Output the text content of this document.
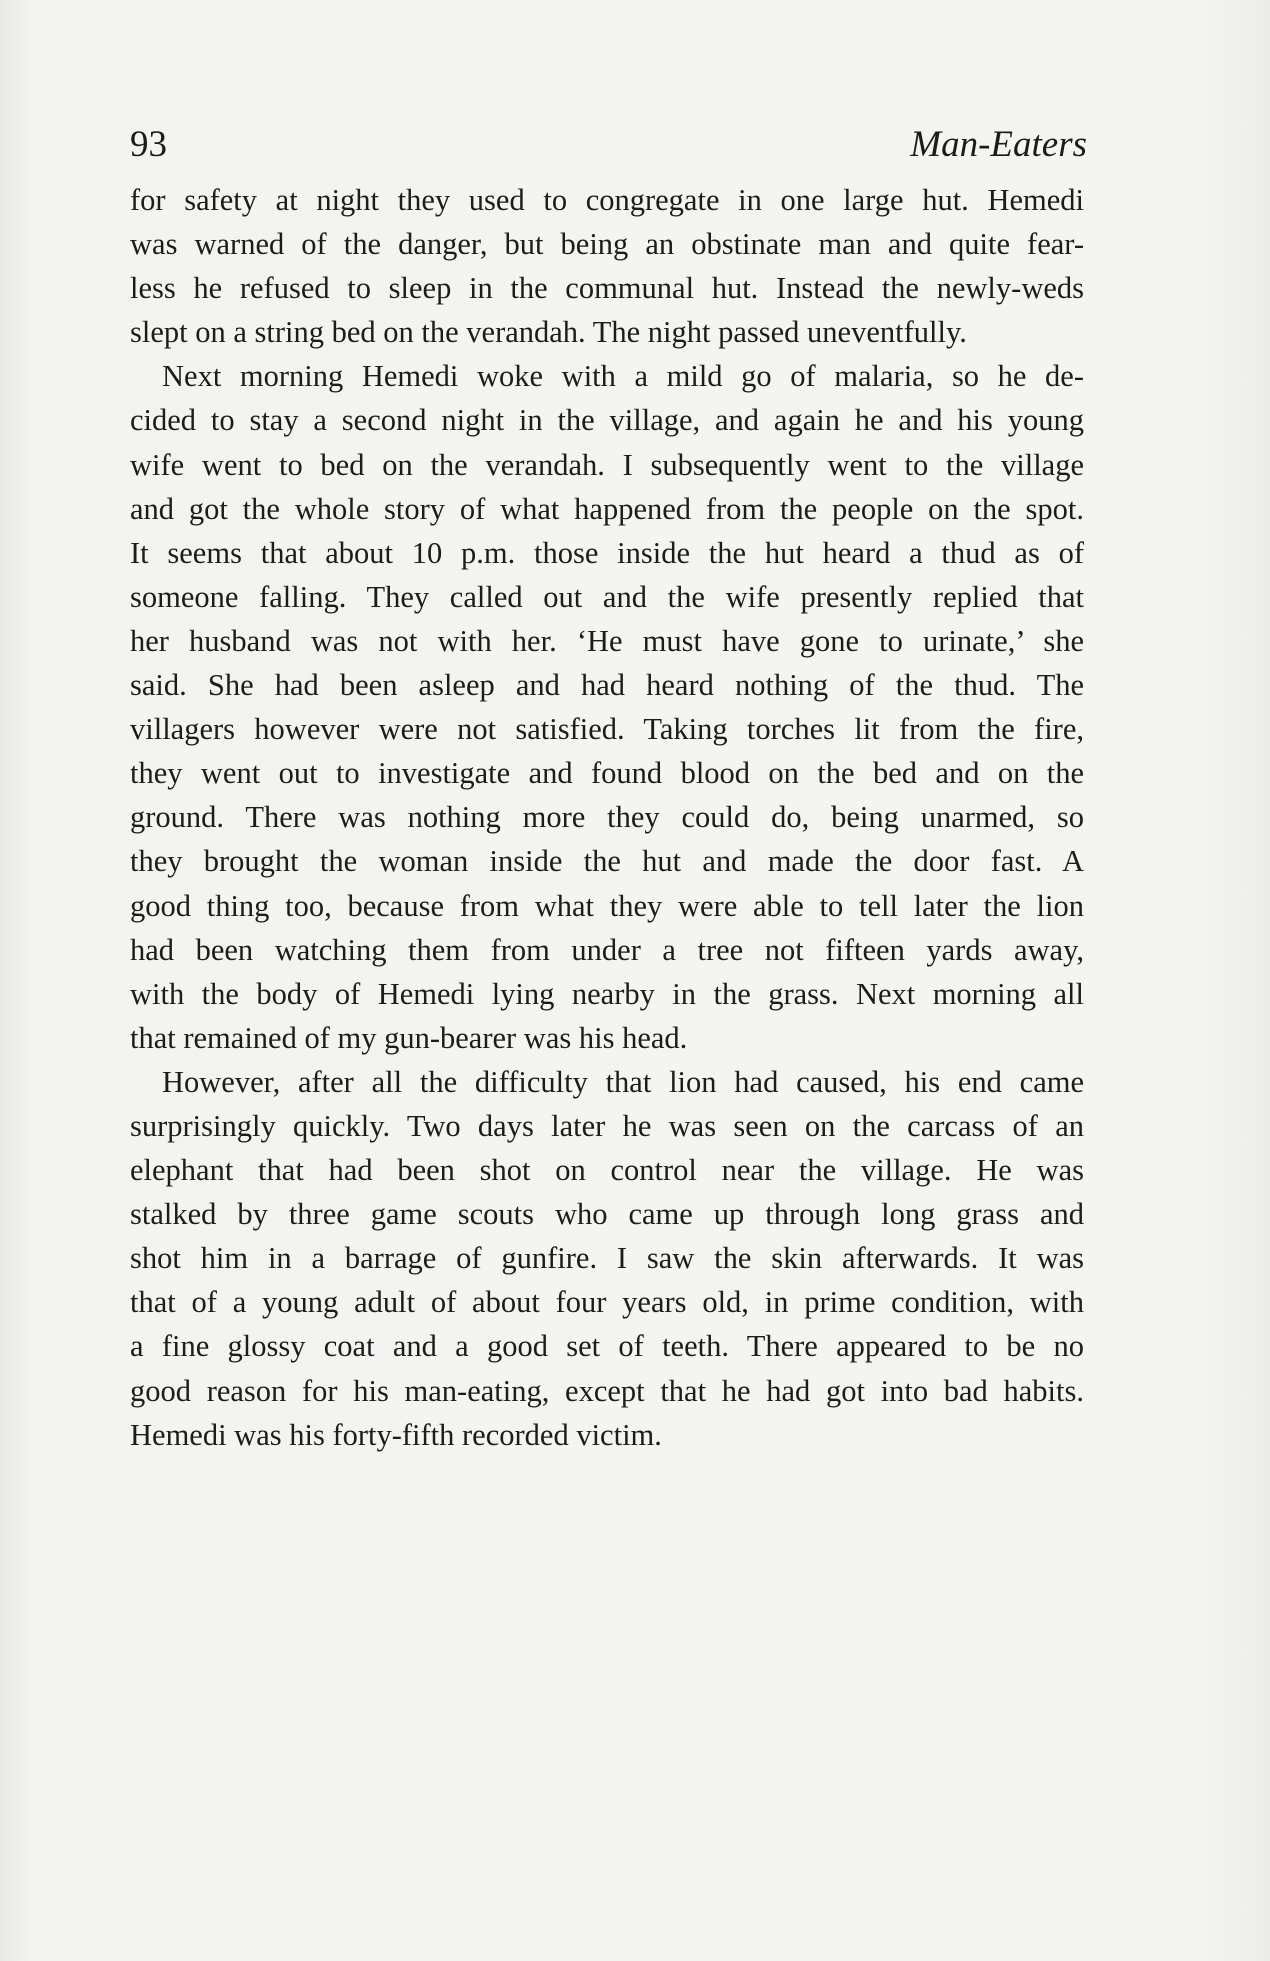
93	Man-Eaters
for safety at night they used to congregate in one large hut. Hemedi
was warned of the danger, but being an obstinate man and quite fear-
less he refused to sleep in the communal hut. Instead the newly-weds
slept on a string bed on the verandah. The night passed uneventfully.
Next morning Hemedi woke with a mild go of malaria, so he de-
cided to stay a second night in the village, and again he and his young
wife went to bed on the verandah. I subsequently went to the village
and got the whole story of what happened from the people on the spot.
It seems that about 10 p.m. those inside the hut heard a thud as of
someone falling. They called out and the wife presently replied that
her husband was not with her. ‘He must have gone to urinate,’ she
said. She had been asleep and had heard nothing of the thud. The
villagers however were not satisfied. Taking torches lit from the fire,
they went out to investigate and found blood on the bed and on the
ground. There was nothing more they could do, being unarmed, so
they brought the woman inside the hut and made the door fast. A
good thing too, because from what they were able to tell later the lion
had been watching them from under a tree not fifteen yards away,
with the body of Hemedi lying nearby in the grass. Next morning all
that remained of my gun-bearer was his head.
However, after all the difficulty that lion had caused, his end came
surprisingly quickly. Two days later he was seen on the carcass of an
elephant that had been shot on control near the village. He was
stalked by three game scouts who came up through long grass and
shot him in a barrage of gunfire. I saw the skin afterwards. It was
that of a young adult of about four years old, in prime condition, with
a fine glossy coat and a good set of teeth. There appeared to be no
good reason for his man-eating, except that he had got into bad habits.
Hemedi was his forty-fifth recorded victim.
